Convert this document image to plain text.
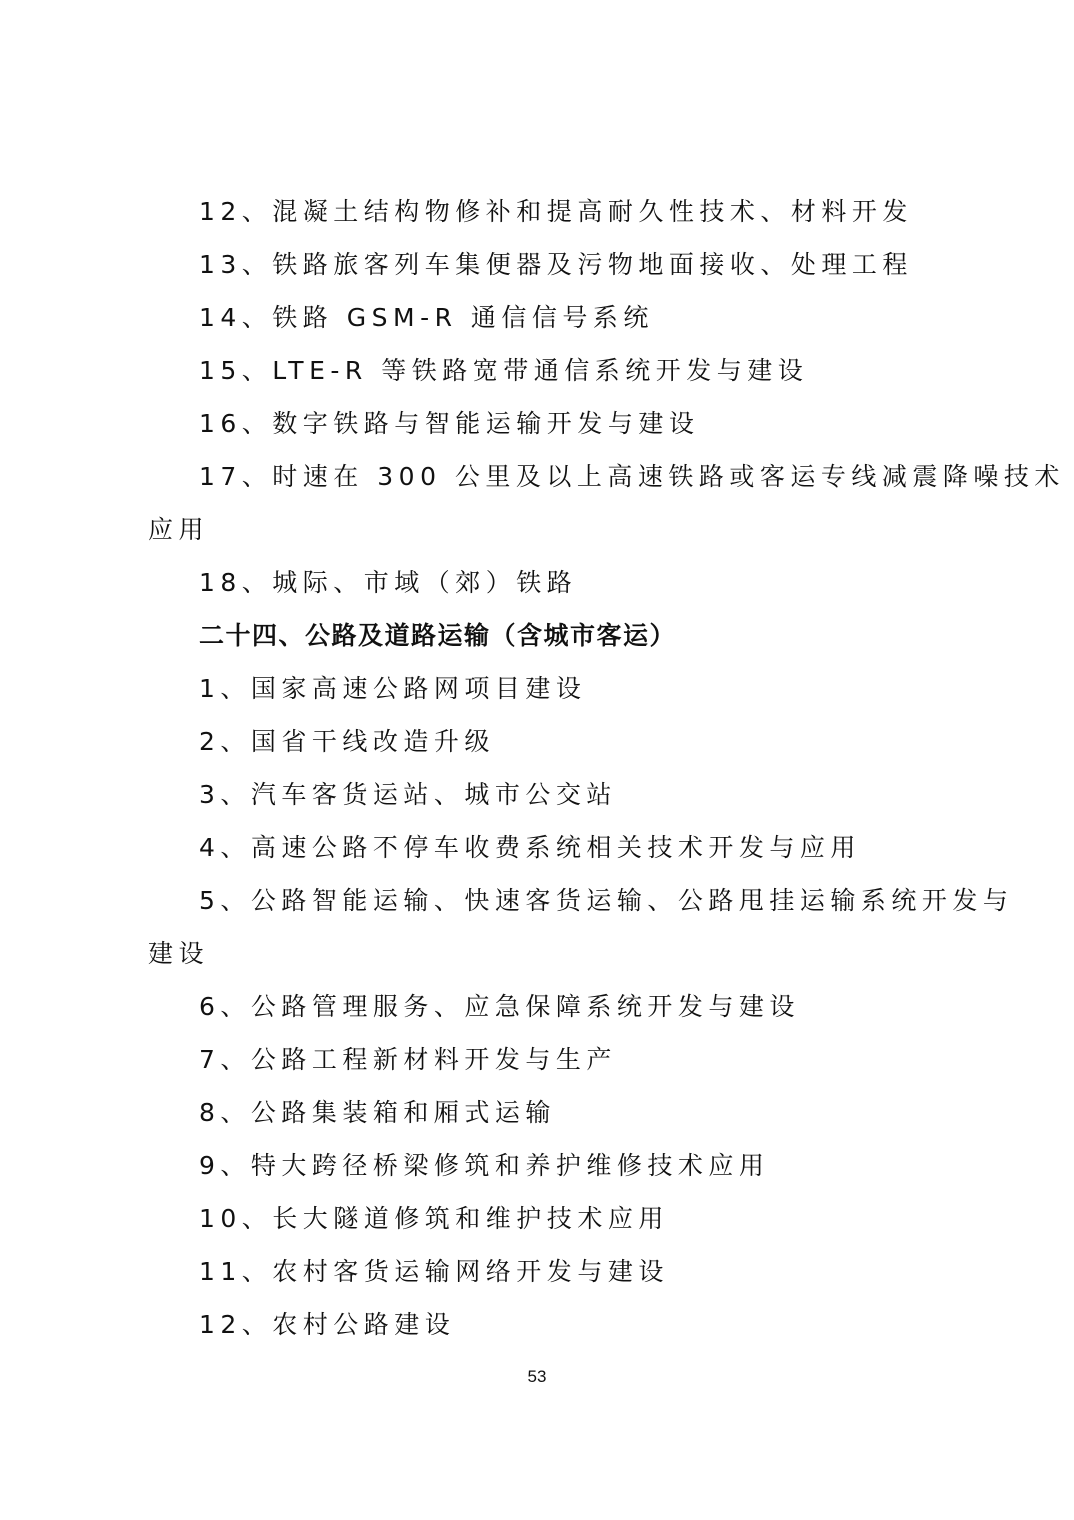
12、混凝土结构物修补和提高耐久性技术、材料开发
13、铁路旅客列车集便器及污物地面接收、处理工程
14、铁路 GSM-R 通信信号系统
15、LTE-R 等铁路宽带通信系统开发与建设
16、数字铁路与智能运输开发与建设
17、时速在 300 公里及以上高速铁路或客运专线减震降噪技术
应用
18、城际、市域（郊）铁路
二十四、公路及道路运输（含城市客运）
1、国家高速公路网项目建设
2、国省干线改造升级
3、汽车客货运站、城市公交站
4、高速公路不停车收费系统相关技术开发与应用
5、公路智能运输、快速客货运输、公路甩挂运输系统开发与
建设
6、公路管理服务、应急保障系统开发与建设
7、公路工程新材料开发与生产
8、公路集装箱和厢式运输
9、特大跨径桥梁修筑和养护维修技术应用
10、长大隧道修筑和维护技术应用
11、农村客货运输网络开发与建设
12、农村公路建设
53
